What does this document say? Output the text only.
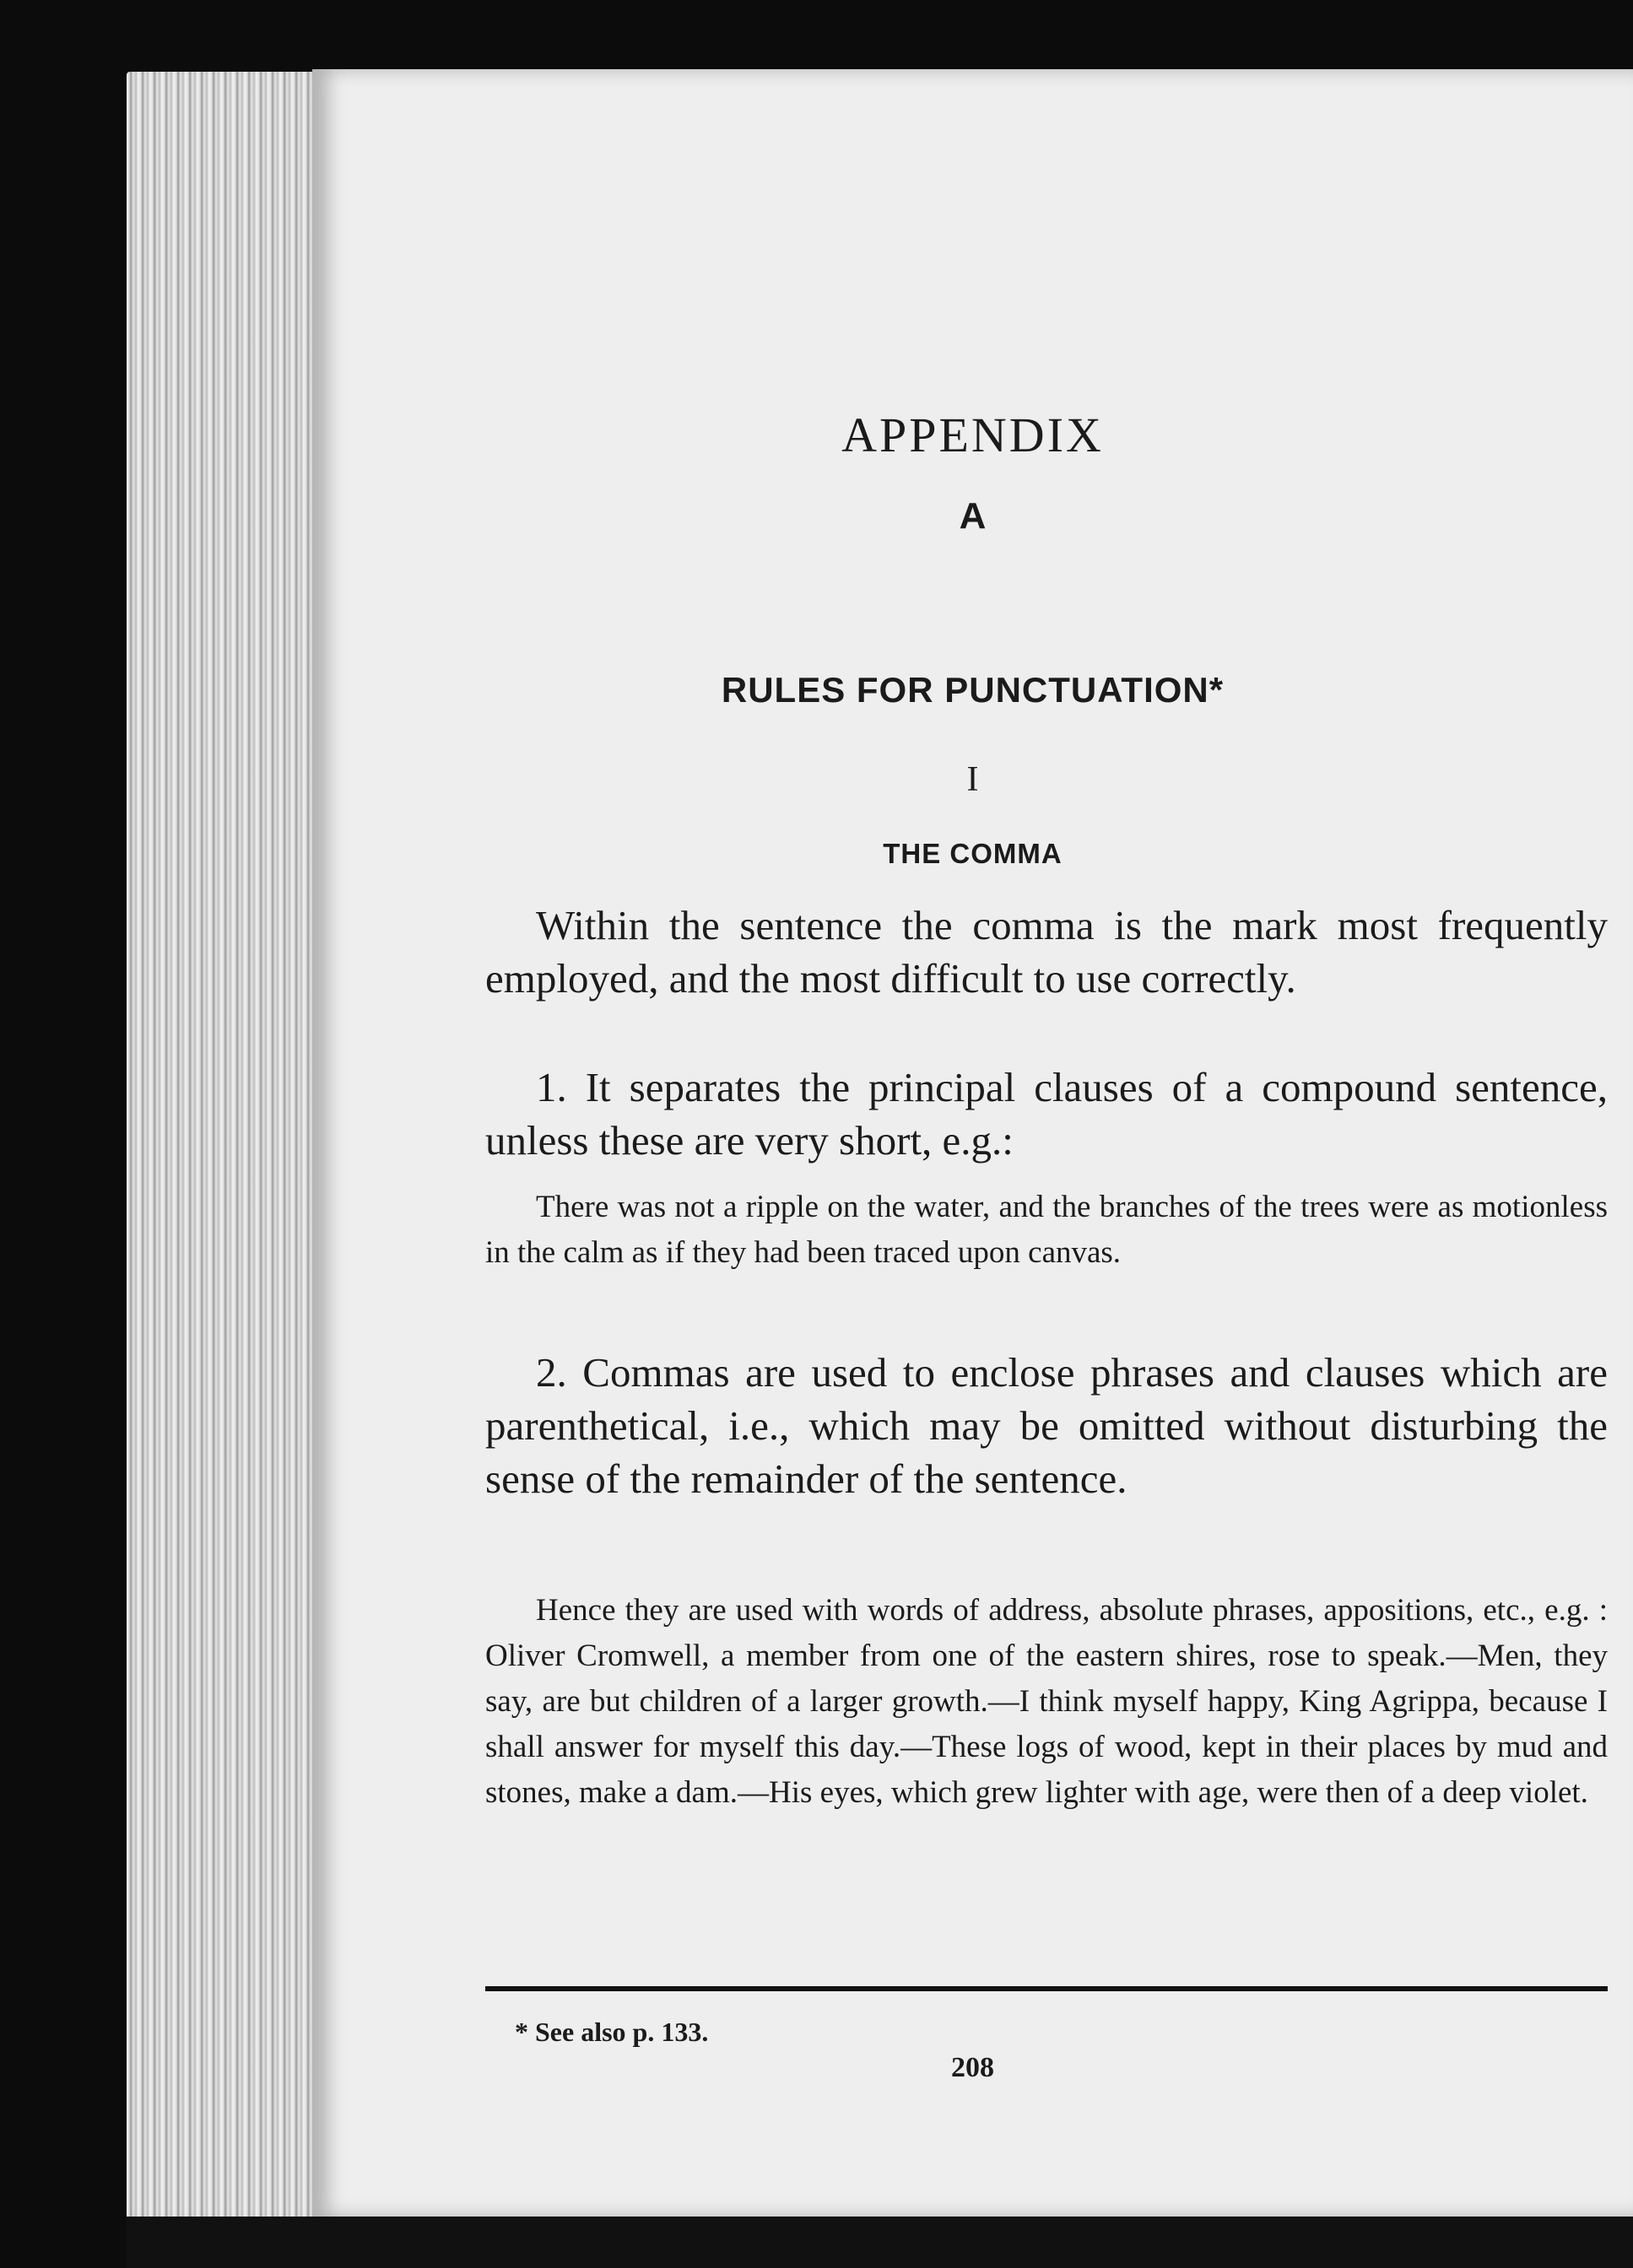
APPENDIX
A
RULES FOR PUNCTUATION*
I
THE COMMA
Within the sentence the comma is the mark most frequently employed, and the most difficult to use correctly.
1. It separates the principal clauses of a compound sentence, unless these are very short, e.g.:
There was not a ripple on the water, and the branches of the trees were as motionless in the calm as if they had been traced upon canvas.
2. Commas are used to enclose phrases and clauses which are parenthetical, i.e., which may be omitted without disturbing the sense of the remainder of the sentence.
Hence they are used with words of address, absolute phrases, appositions, etc., e.g. : Oliver Cromwell, a member from one of the eastern shires, rose to speak.—Men, they say, are but children of a larger growth.—I think myself happy, King Agrippa, because I shall answer for myself this day.—These logs of wood, kept in their places by mud and stones, make a dam.—His eyes, which grew lighter with age, were then of a deep violet.
* See also p. 133.
208
